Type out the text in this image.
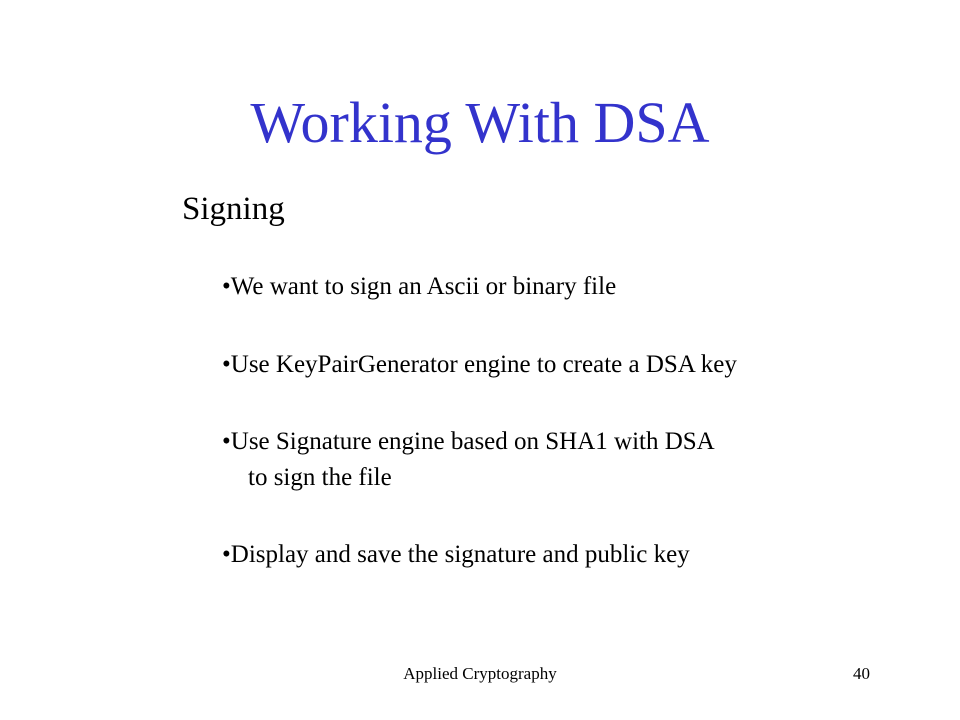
Working With DSA
Signing
•We want to sign an Ascii or binary file
•Use KeyPairGenerator engine to create a DSA key
•Use Signature engine based on SHA1 with DSA
to sign the file
•Display and save the signature and public key
Applied Cryptography	40
